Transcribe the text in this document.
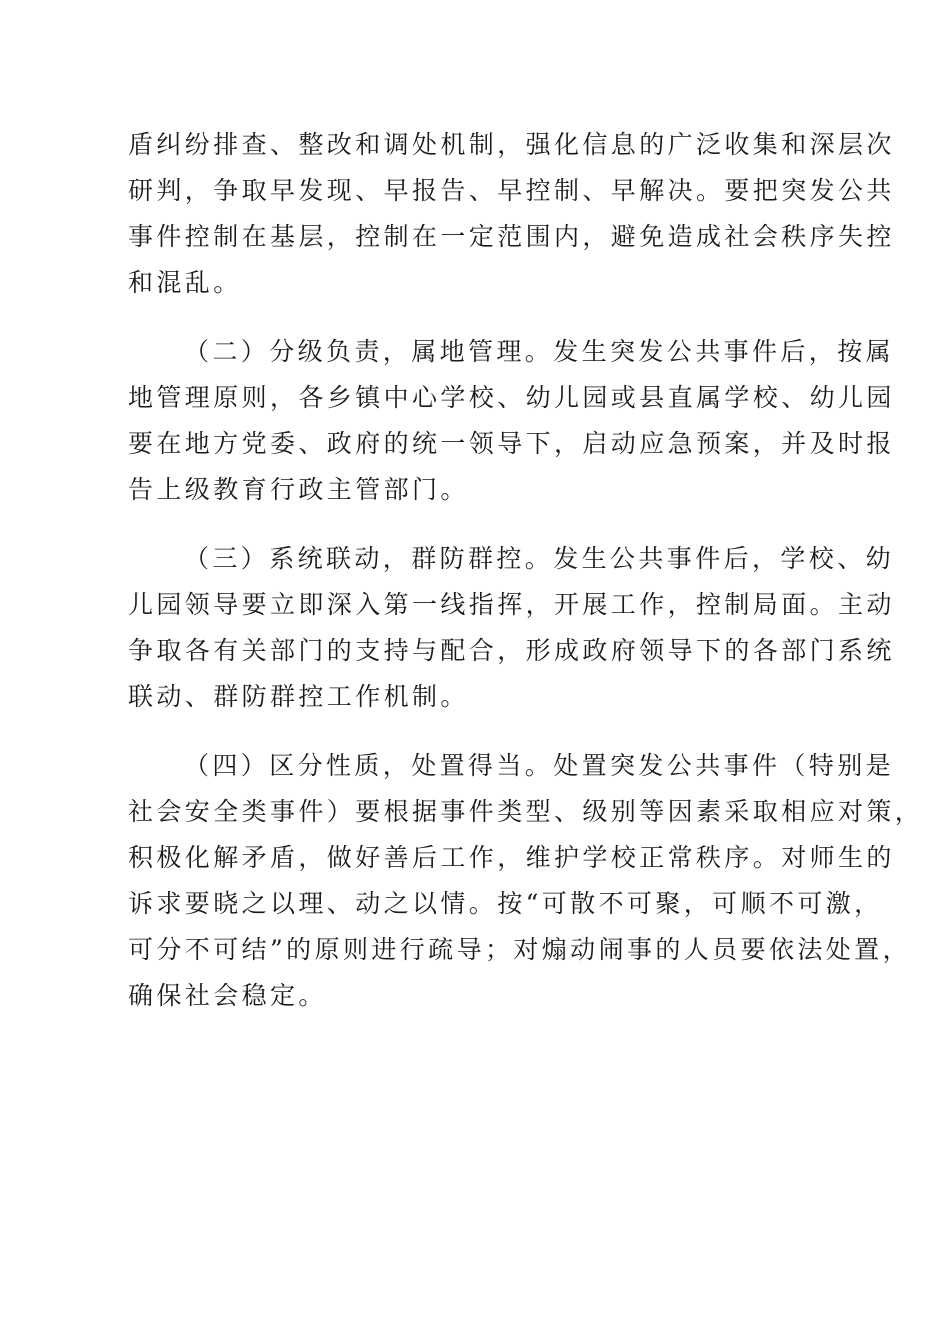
盾纠纷排查、整改和调处机制，强化信息的广泛收集和深层次
研判，争取早发现、早报告、早控制、早解决。要把突发公共
事件控制在基层，控制在一定范围内，避免造成社会秩序失控
和混乱。

（二）分级负责，属地管理。发生突发公共事件后，按属
地管理原则，各乡镇中心学校、幼儿园或县直属学校、幼儿园
要在地方党委、政府的统一领导下，启动应急预案，并及时报
告上级教育行政主管部门。

（三）系统联动，群防群控。发生公共事件后，学校、幼
儿园领导要立即深入第一线指挥，开展工作，控制局面。主动
争取各有关部门的支持与配合，形成政府领导下的各部门系统
联动、群防群控工作机制。

（四）区分性质，处置得当。处置突发公共事件（特别是
社会安全类事件）要根据事件类型、级别等因素采取相应对策，
积极化解矛盾，做好善后工作，维护学校正常秩序。对师生的
诉求要晓之以理、动之以情。按“可散不可聚，可顺不可激，
可分不可结”的原则进行疏导；对煽动闹事的人员要依法处置，
确保社会稳定。
